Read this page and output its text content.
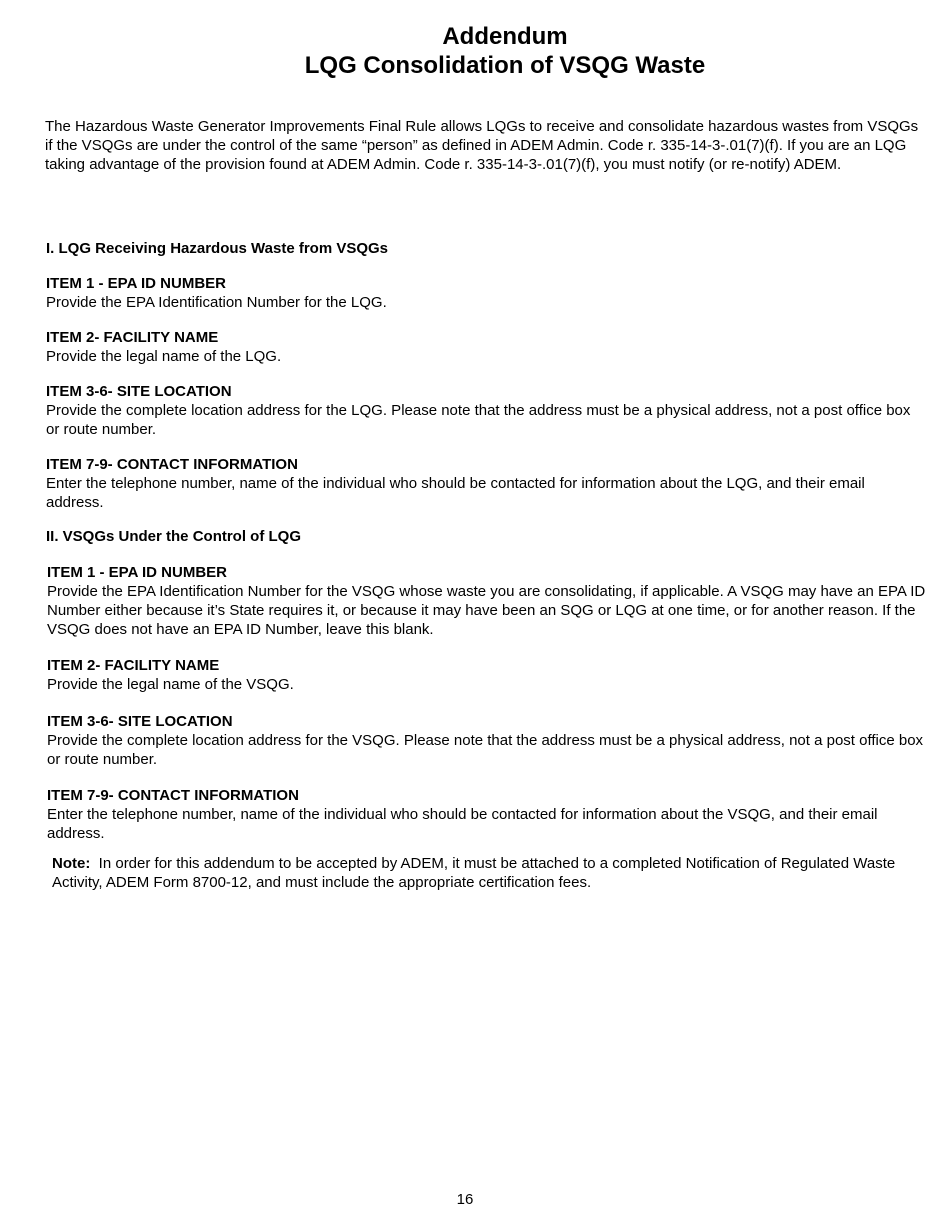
Addendum
LQG Consolidation of VSQG Waste
The Hazardous Waste Generator Improvements Final Rule allows LQGs to receive and consolidate hazardous wastes from VSQGs if the VSQGs are under the control of the same “person” as defined in ADEM Admin. Code r. 335-14-3-.01(7)(f). If you are an LQG taking advantage of the provision found at ADEM Admin. Code r. 335-14-3-.01(7)(f), you must notify (or re-notify) ADEM.
I. LQG Receiving Hazardous Waste from VSQGs
ITEM 1 - EPA ID NUMBER
Provide the EPA Identification Number for the LQG.
ITEM 2- FACILITY NAME
Provide the legal name of the LQG.
ITEM 3-6- SITE LOCATION
Provide the complete location address for the LQG. Please note that the address must be a physical address, not a post office box or route number.
ITEM 7-9- CONTACT INFORMATION
Enter the telephone number, name of the individual who should be contacted for information about the LQG, and their email address.
II. VSQGs Under the Control of LQG
ITEM 1 - EPA ID NUMBER
Provide the EPA Identification Number for the VSQG whose waste you are consolidating, if applicable. A VSQG may have an EPA ID Number either because it’s State requires it, or because it may have been an SQG or LQG at one time, or for another reason. If the VSQG does not have an EPA ID Number, leave this blank.
ITEM 2- FACILITY NAME
Provide the legal name of the VSQG.
ITEM 3-6- SITE LOCATION
Provide the complete location address for the VSQG. Please note that the address must be a physical address, not a post office box or route number.
ITEM 7-9- CONTACT INFORMATION
Enter the telephone number, name of the individual who should be contacted for information about the VSQG, and their email address.
Note: In order for this addendum to be accepted by ADEM, it must be attached to a completed Notification of Regulated Waste Activity, ADEM Form 8700-12, and must include the appropriate certification fees.
16
